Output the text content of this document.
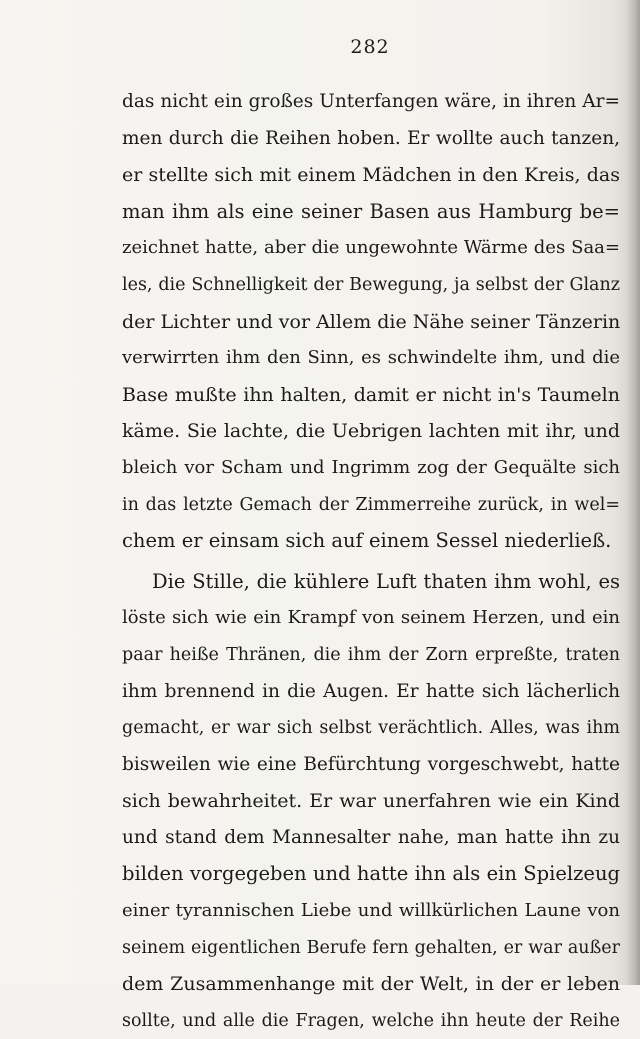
282
das nicht ein großes Unterfangen wäre, in ihren Ar=
men durch die Reihen hoben. Er wollte auch tanzen,
er stellte sich mit einem Mädchen in den Kreis, das
man ihm als eine seiner Basen aus Hamburg be=
zeichnet hatte, aber die ungewohnte Wärme des Saa=
les, die Schnelligkeit der Bewegung, ja selbst der Glanz
der Lichter und vor Allem die Nähe seiner Tänzerin
verwirrten ihm den Sinn, es schwindelte ihm, und die
Base mußte ihn halten, damit er nicht in's Taumeln
käme. Sie lachte, die Uebrigen lachten mit ihr, und
bleich vor Scham und Ingrimm zog der Gequälte sich
in das letzte Gemach der Zimmerreihe zurück, in wel=
chem er einsam sich auf einem Sessel niederließ.
Die Stille, die kühlere Luft thaten ihm wohl, es
löste sich wie ein Krampf von seinem Herzen, und ein
paar heiße Thränen, die ihm der Zorn erpreßte, traten
ihm brennend in die Augen. Er hatte sich lächerlich
gemacht, er war sich selbst verächtlich. Alles, was ihm
bisweilen wie eine Befürchtung vorgeschwebt, hatte
sich bewahrheitet. Er war unerfahren wie ein Kind
und stand dem Mannesalter nahe, man hatte ihn zu
bilden vorgegeben und hatte ihn als ein Spielzeug
einer tyrannischen Liebe und willkürlichen Laune von
seinem eigentlichen Berufe fern gehalten, er war außer
dem Zusammenhange mit der Welt, in der er leben
sollte, und alle die Fragen, welche ihn heute der Reihe
